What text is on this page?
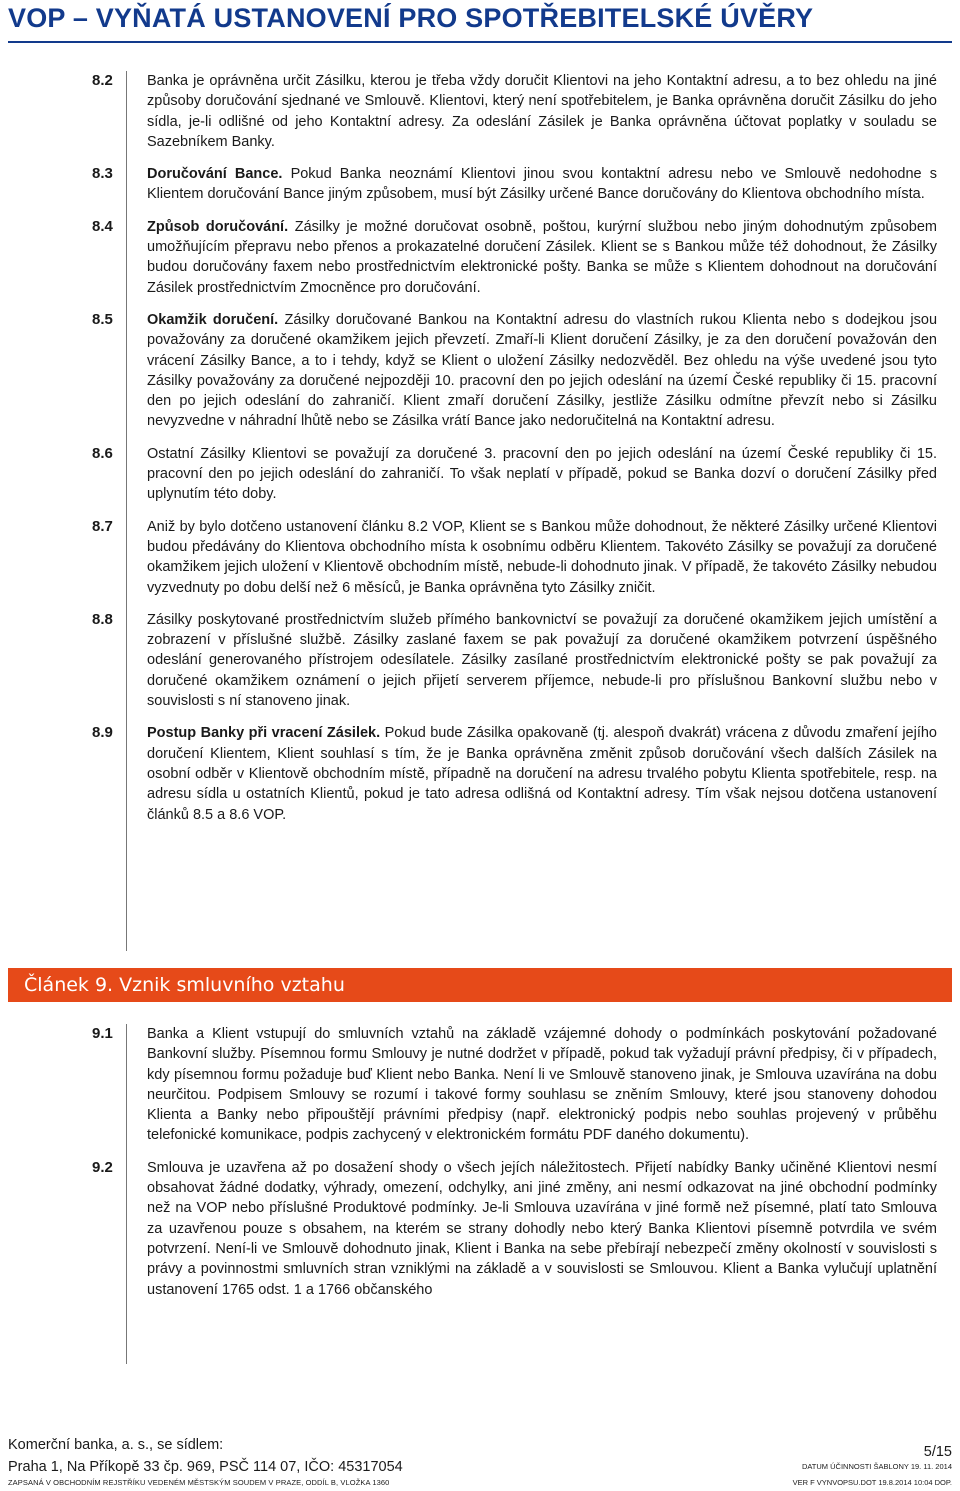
VOP – VYŇATÁ USTANOVENÍ PRO SPOTŘEBITELSKÉ ÚVĚRY
8.2 Banka je oprávněna určit Zásilku, kterou je třeba vždy doručit Klientovi na jeho Kontaktní adresu, a to bez ohledu na jiné způsoby doručování sjednané ve Smlouvě. Klientovi, který není spotřebitelem, je Banka oprávněna doručit Zásilku do jeho sídla, je-li odlišné od jeho Kontaktní adresy. Za odeslání Zásilek je Banka oprávněna účtovat poplatky v souladu se Sazebníkem Banky.
8.3 Doručování Bance. Pokud Banka neoznámí Klientovi jinou svou kontaktní adresu nebo ve Smlouvě nedohodne s Klientem doručování Bance jiným způsobem, musí být Zásilky určené Bance doručovány do Klientova obchodního místa.
8.4 Způsob doručování. Zásilky je možné doručovat osobně, poštou, kurýrní službou nebo jiným dohodnutým způsobem umožňujícím přepravu nebo přenos a prokazatelné doručení Zásilek. Klient se s Bankou může též dohodnout, že Zásilky budou doručovány faxem nebo prostřednictvím elektronické pošty. Banka se může s Klientem dohodnout na doručování Zásilek prostřednictvím Zmocněnce pro doručování.
8.5 Okamžik doručení. Zásilky doručované Bankou na Kontaktní adresu do vlastních rukou Klienta nebo s dodejkou jsou považovány za doručené okamžikem jejich převzetí. Zmaří-li Klient doručení Zásilky, je za den doručení považován den vrácení Zásilky Bance, a to i tehdy, když se Klient o uložení Zásilky nedozvěděl. Bez ohledu na výše uvedené jsou tyto Zásilky považovány za doručené nejpozději 10. pracovní den po jejich odeslání na území České republiky či 15. pracovní den po jejich odeslání do zahraničí. Klient zmaří doručení Zásilky, jestliže Zásilku odmítne převzít nebo si Zásilku nevyzvedne v náhradní lhůtě nebo se Zásilka vrátí Bance jako nedoručitelná na Kontaktní adresu.
8.6 Ostatní Zásilky Klientovi se považují za doručené 3. pracovní den po jejich odeslání na území České republiky či 15. pracovní den po jejich odeslání do zahraničí. To však neplatí v případě, pokud se Banka dozví o doručení Zásilky před uplynutím této doby.
8.7 Aniž by bylo dotčeno ustanovení článku 8.2 VOP, Klient se s Bankou může dohodnout, že některé Zásilky určené Klientovi budou předávány do Klientova obchodního místa k osobnímu odběru Klientem. Takovéto Zásilky se považují za doručené okamžikem jejich uložení v Klientově obchodním místě, nebude-li dohodnuto jinak. V případě, že takovéto Zásilky nebudou vyzvednuty po dobu delší než 6 měsíců, je Banka oprávněna tyto Zásilky zničit.
8.8 Zásilky poskytované prostřednictvím služeb přímého bankovnictví se považují za doručené okamžikem jejich umístění a zobrazení v příslušné službě. Zásilky zaslané faxem se pak považují za doručené okamžikem potvrzení úspěšného odeslání generovaného přístrojem odesílatele. Zásilky zasílané prostřednictvím elektronické pošty se pak považují za doručené okamžikem oznámení o jejich přijetí serverem příjemce, nebude-li pro příslušnou Bankovní službu nebo v souvislosti s ní stanoveno jinak.
8.9 Postup Banky při vracení Zásilek. Pokud bude Zásilka opakovaně (tj. alespoň dvakrát) vrácena z důvodu zmaření jejího doručení Klientem, Klient souhlasí s tím, že je Banka oprávněna změnit způsob doručování všech dalších Zásilek na osobní odběr v Klientově obchodním místě, případně na doručení na adresu trvalého pobytu Klienta spotřebitele, resp. na adresu sídla u ostatních Klientů, pokud je tato adresa odlišná od Kontaktní adresy. Tím však nejsou dotčena ustanovení článků 8.5 a 8.6 VOP.
Článek 9. Vznik smluvního vztahu
9.1 Banka a Klient vstupují do smluvních vztahů na základě vzájemné dohody o podmínkách poskytování požadované Bankovní služby. Písemnou formu Smlouvy je nutné dodržet v případě, pokud tak vyžadují právní předpisy, či v případech, kdy písemnou formu požaduje buď Klient nebo Banka. Není li ve Smlouvě stanoveno jinak, je Smlouva uzavírána na dobu neurčitou. Podpisem Smlouvy se rozumí i takové formy souhlasu se zněním Smlouvy, které jsou stanoveny dohodou Klienta a Banky nebo připouštějí právními předpisy (např. elektronický podpis nebo souhlas projevený v průběhu telefonické komunikace, podpis zachycený v elektronickém formátu PDF daného dokumentu).
9.2 Smlouva je uzavřena až po dosažení shody o všech jejích náležitostech. Přijetí nabídky Banky učiněné Klientovi nesmí obsahovat žádné dodatky, výhrady, omezení, odchylky, ani jiné změny, ani nesmí odkazovat na jiné obchodní podmínky než na VOP nebo příslušné Produktové podmínky. Je-li Smlouva uzavírána v jiné formě než písemné, platí tato Smlouva za uzavřenou pouze s obsahem, na kterém se strany dohodly nebo který Banka Klientovi písemně potvrdila ve svém potvrzení. Není-li ve Smlouvě dohodnuto jinak, Klient i Banka na sebe přebírají nebezpečí změny okolností v souvislosti s právy a povinnostmi smluvních stran vzniklými na základě a v souvislosti se Smlouvou. Klient a Banka vylučují uplatnění ustanovení 1765 odst. 1 a 1766 občanského
Komerční banka, a. s., se sídlem:
Praha 1, Na Příkopě 33 čp. 969, PSČ 114 07, IČO: 45317054
ZAPSANÁ V OBCHODNÍM REJSTŘÍKU VEDENÉM MĚSTSKÝM SOUDEM V PRAZE, ODDÍL B, VLOŽKA 1360
5/15
DATUM ÚČINNOSTI ŠABLONY 19. 11. 2014
VER F VYNVOPSU.DOT 19.8.2014 10:04 DOP.
